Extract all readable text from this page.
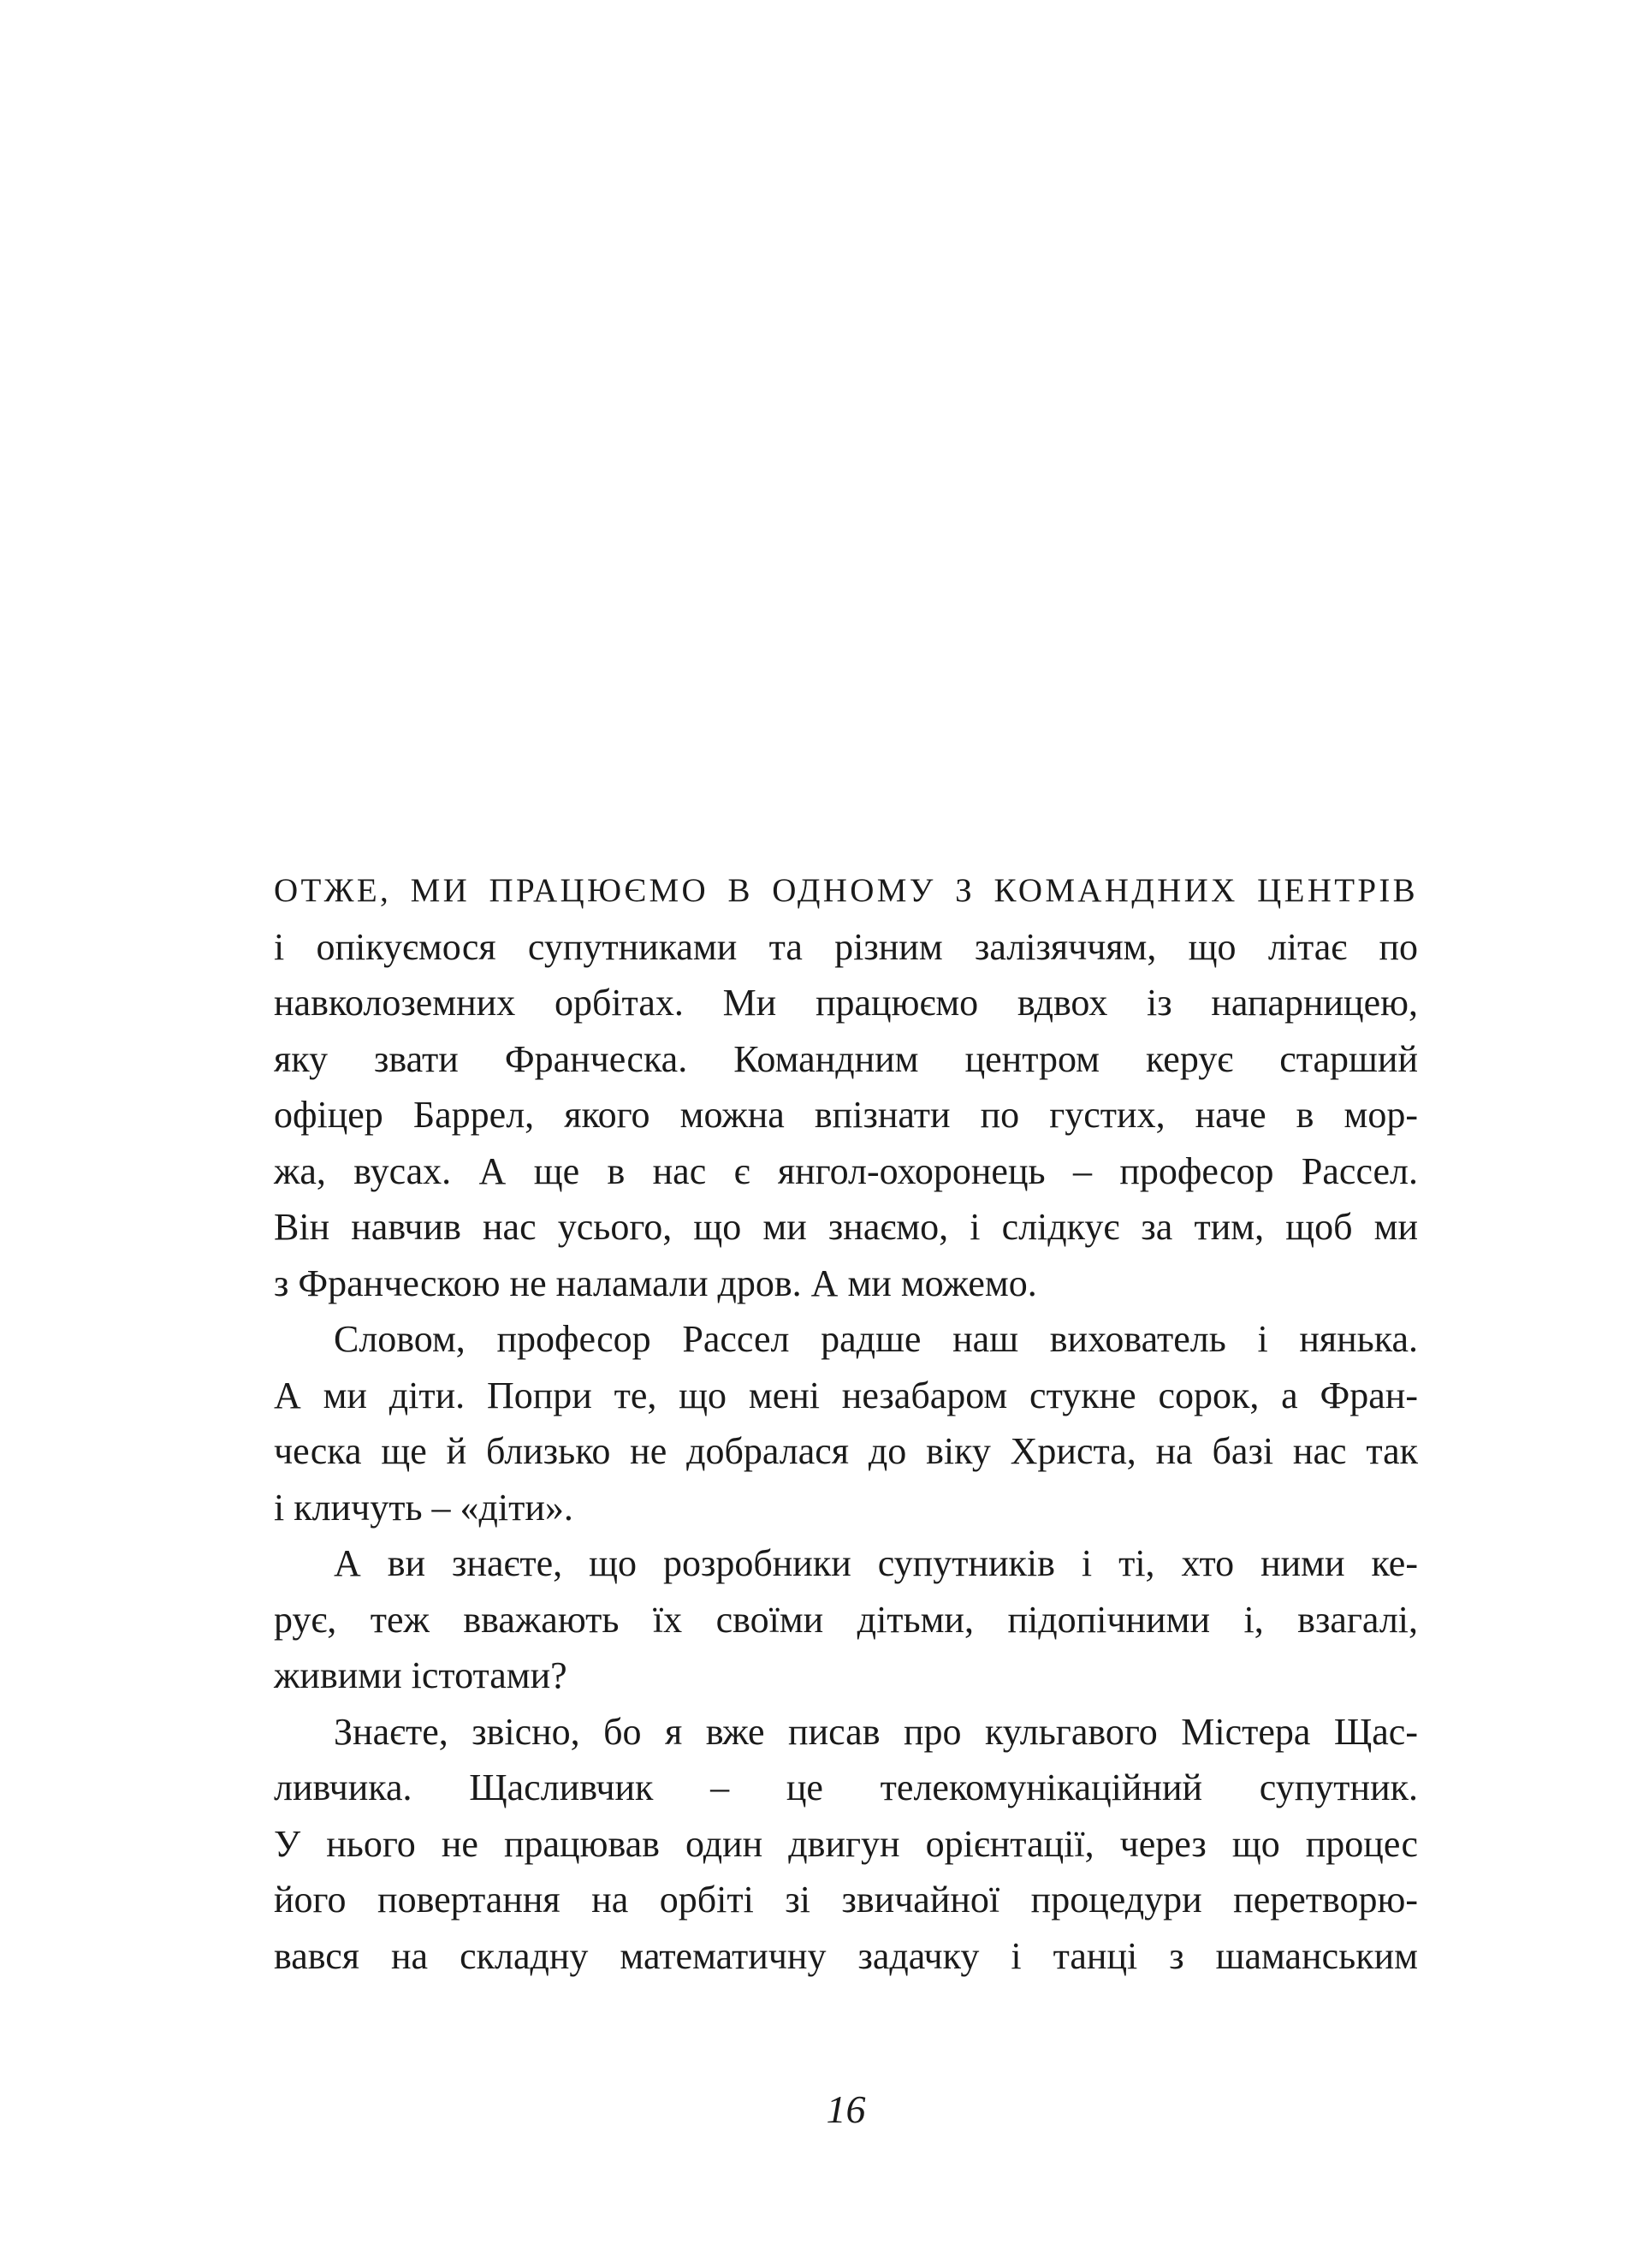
ОТЖЕ, МИ ПРАЦЮЄМО В ОДНОМУ З КОМАНДНИХ ЦЕНТРІВ
і опікуємося супутниками та різним залізяччям, що літає по
навколоземних орбітах. Ми працюємо вдвох із напарницею,
яку звати Франческа. Командним центром керує старший
офіцер Баррел, якого можна впізнати по густих, наче в мор-
жа, вусах. А ще в нас є янгол-охоронець – професор Рассел.
Він навчив нас усього, що ми знаємо, і слідкує за тим, щоб ми
з Франческою не наламали дров. А ми можемо.
Словом, професор Рассел радше наш вихователь і нянька.
А ми діти. Попри те, що мені незабаром стукне сорок, а Фран-
ческа ще й близько не добралася до віку Христа, на базі нас так
і кличуть – «діти».
А ви знаєте, що розробники супутників і ті, хто ними ке-
рує, теж вважають їх своїми дітьми, підопічними і, взагалі,
живими істотами?
Знаєте, звісно, бо я вже писав про кульгавого Містера Щас-
ливчика. Щасливчик – це телекомунікаційний супутник.
У нього не працював один двигун орієнтації, через що процес
його повертання на орбіті зі звичайної процедури перетворю-
вався на складну математичну задачку і танці з шаманським
16
